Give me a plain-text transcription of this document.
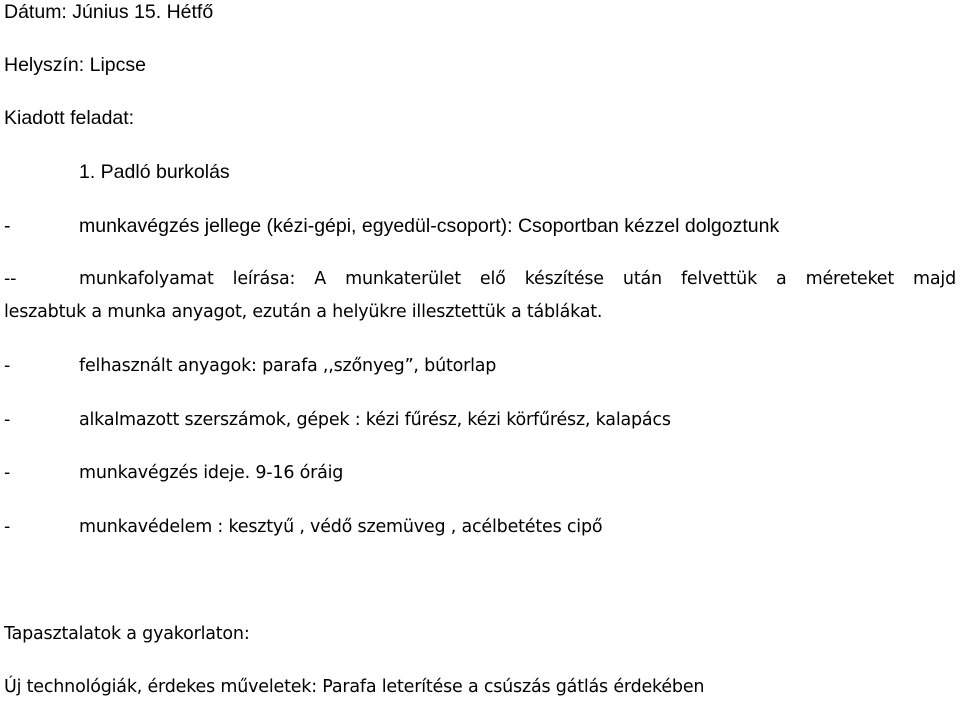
Dátum: Június 15. Hétfő
Helyszín: Lipcse
Kiadott feladat:
1. Padló burkolás
-	munkavégzés jellege (kézi-gépi, egyedül-csoport): Csoportban kézzel dolgoztunk
--	munkafolyamat leírása: A munkaterület elő készítése után felvettük a méreteket majd
leszabtuk a munka anyagot, ezután a helyükre illesztettük a táblákat.
-	felhasznált anyagok: parafa ,,szőnyeg”, bútorlap
-	alkalmazott szerszámok, gépek : kézi fűrész, kézi körfűrész, kalapács
-	munkavégzés ideje. 9-16 óráig
-	munkavédelem : kesztyű , védő szemüveg , acélbetétes cipő
Tapasztalatok a gyakorlaton:
Új technológiák, érdekes műveletek: Parafa leterítése a csúszás gátlás érdekében
